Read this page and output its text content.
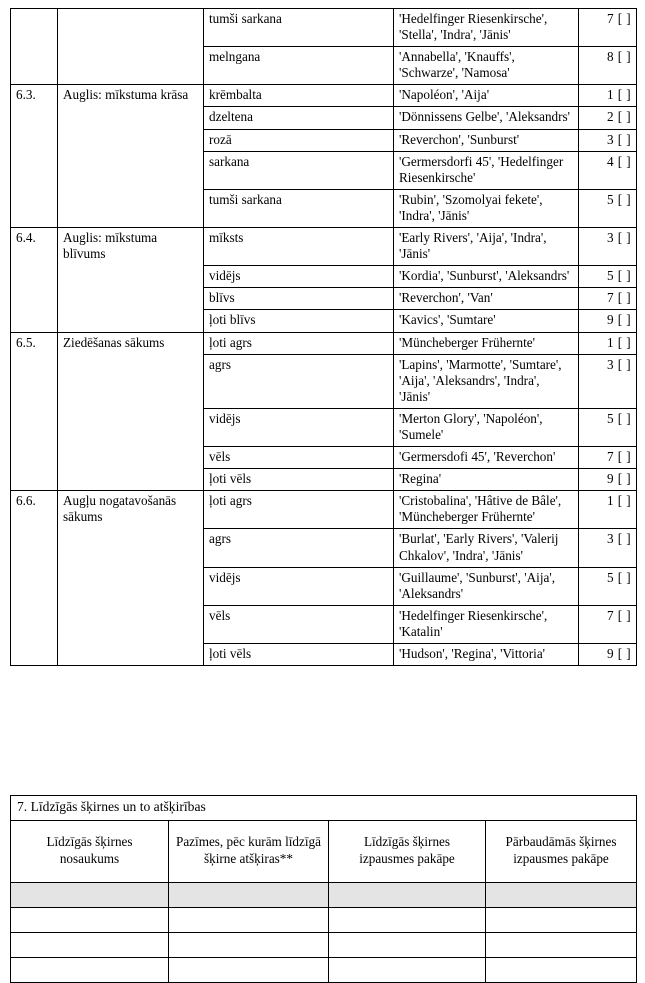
		tumši sarkana	'Hedelfinger Riesenkirsche', 'Stella', 'Indra', 'Jānis'	7 [ ]
		melngana	'Annabella', 'Knauffs', 'Schwarze', 'Namosa'	8 [ ]
6.3.	Auglis: mīkstuma krāsa	krēmbalta	'Napoléon', 'Aija'	1 [ ]
		dzeltena	'Dönnissens Gelbe', 'Aleksandrs'	2 [ ]
		rozā	'Reverchon', 'Sunburst'	3 [ ]
		sarkana	'Germersdorfi 45', 'Hedelfinger Riesenkirsche'	4 [ ]
		tumši sarkana	'Rubin', 'Szomolyai fekete', 'Indra', 'Jānis'	5 [ ]
6.4.	Auglis: mīkstuma blīvums	mīksts	'Early Rivers', 'Aija', 'Indra', 'Jānis'	3 [ ]
		vidējs	'Kordia', 'Sunburst', 'Aleksandrs'	5 [ ]
		blīvs	'Reverchon', 'Van'	7 [ ]
		ļoti blīvs	'Kavics', 'Sumtare'	9 [ ]
6.5.	Ziedēšanas sākums	ļoti agrs	'Müncheberger Frühernte'	1 [ ]
		agrs	'Lapins', 'Marmotte', 'Sumtare', 'Aija', 'Aleksandrs', 'Indra', 'Jānis'	3 [ ]
		vidējs	'Merton Glory', 'Napoléon', 'Sumele'	5 [ ]
		vēls	'Germersdofi 45', 'Reverchon'	7 [ ]
		ļoti vēls	'Regina'	9 [ ]
6.6.	Augļu nogatavošanās sākums	ļoti agrs	'Cristobalina', 'Hâtive de Bâle', 'Müncheberger Frühernte'	1 [ ]
		agrs	'Burlat', 'Early Rivers', 'Valerij Chkalov', 'Indra', 'Jānis'	3 [ ]
		vidējs	'Guillaume', 'Sunburst', 'Aija', 'Aleksandrs'	5 [ ]
		vēls	'Hedelfinger Riesenkirsche', 'Katalin'	7 [ ]
		ļoti vēls	'Hudson', 'Regina', 'Vittoria'	9 [ ]
7. Līdzīgās šķirnes un to atšķirības			
Līdzīgās šķirnes nosaukums	Pazīmes, pēc kurām līdzīgā šķirne atšķiras**	Līdzīgās šķirnes izpausmes pakāpe	Pārbaudāmās šķirnes izpausmes pakāpe
